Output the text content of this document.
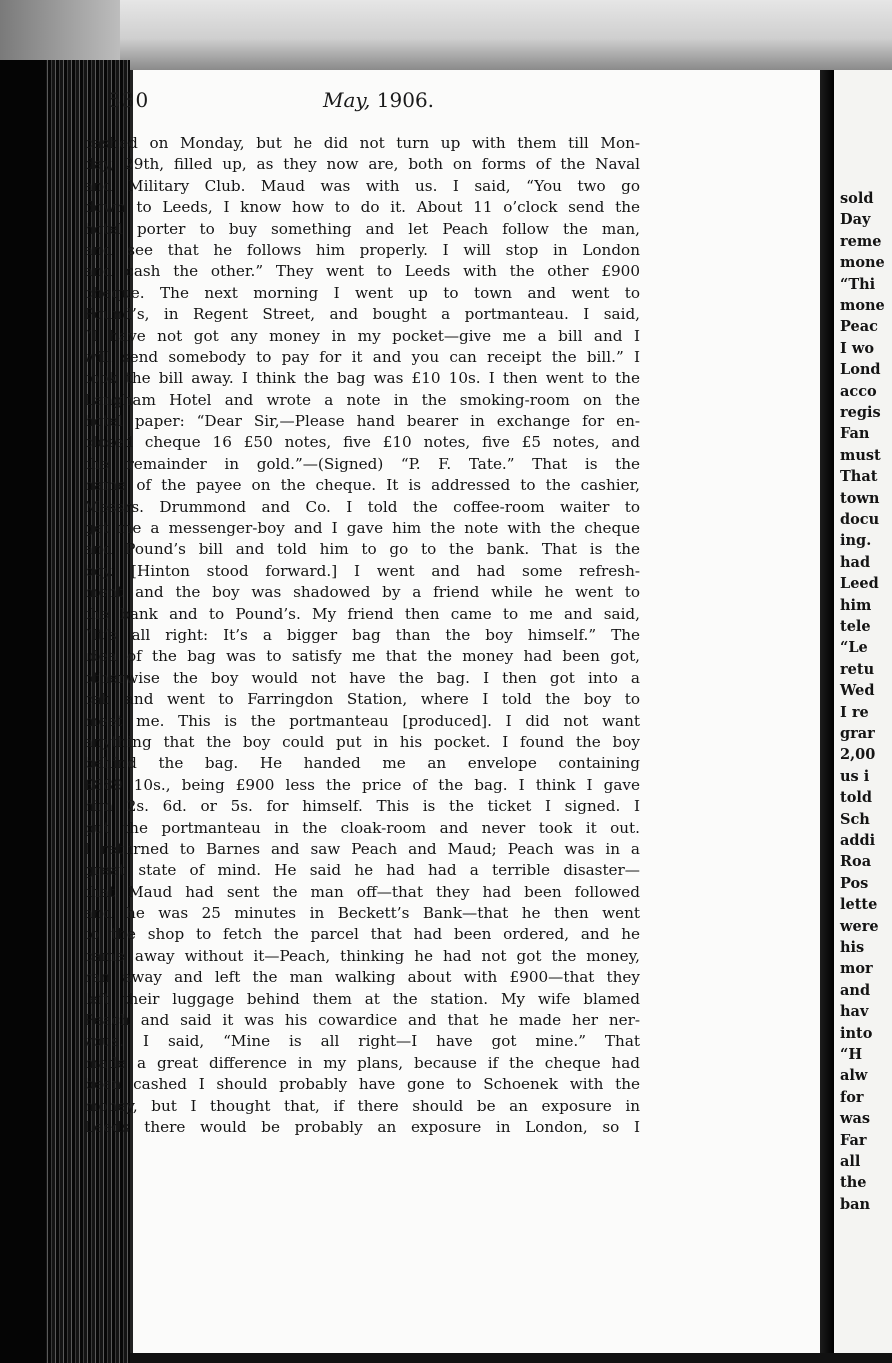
530	May, 1906.
cashed on Monday, but he did not turn up with them till Mon-
day, 29th, filled up, as they now are, both on forms of the Naval
and Military Club. Maud was with us. I said, “You two go
down to Leeds, I know how to do it. About 11 o’clock send the
hotel porter to buy something and let Peach follow the man,
and see that he follows him properly. I will stop in London
and cash the other.” They went to Leeds with the other £900
cheque. The next morning I went up to town and went to
Pound’s, in Regent Street, and bought a portmanteau. I said,
“I have not got any money in my pocket—give me a bill and I
will send somebody to pay for it and you can receipt the bill.” I
took the bill away. I think the bag was £10 10s. I then went to the
Langham Hotel and wrote a note in the smoking-room on the
hotel paper: “Dear Sir,—Please hand bearer in exchange for en-
closed cheque 16 £50 notes, five £10 notes, five £5 notes, and
the remainder in gold.”—(Signed) “P. F. Tate.” That is the
name of the payee on the cheque. It is addressed to the cashier,
Messrs. Drummond and Co. I told the coffee-room waiter to
get me a messenger-boy and I gave him the note with the cheque
and Pound’s bill and told him to go to the bank. That is the
boy. [Hinton stood forward.] I went and had some refresh-
ment and the boy was shadowed by a friend while he went to
the bank and to Pound’s. My friend then came to me and said,
“It’s all right: It’s a bigger bag than the boy himself.” The
idea of the bag was to satisfy me that the money had been got,
otherwise the boy would not have the bag. I then got into a
cab and went to Farringdon Station, where I told the boy to
meet me. This is the portmanteau [produced]. I did not want
anything that the boy could put in his pocket. I found the boy
behind the bag. He handed me an envelope containing
£889 10s., being £900 less the price of the bag. I think I gave
him 2s. 6d. or 5s. for himself. This is the ticket I signed. I
put the portmanteau in the cloak-room and never took it out.
I returned to Barnes and saw Peach and Maud; Peach was in a
great state of mind. He said he had had a terrible disaster—
that Maud had sent the man off—that they had been followed
and he was 25 minutes in Beckett’s Bank—that he then went
to the shop to fetch the parcel that had been ordered, and he
came away without it—Peach, thinking he had not got the money,
ran away and left the man walking about with £900—that they
left their luggage behind them at the station. My wife blamed
Peach and said it was his cowardice and that he made her ner-
vous. I said, “Mine is all right—I have got mine.” That
made a great difference in my plans, because if the cheque had
been cashed I should probably have gone to Schoenek with the
money, but I thought that, if there should be an exposure in
Leeds there would be probably an exposure in London, so I
sold
Day
reme
mone
“Thi
mone
Peac
I wo
Lond
acco
regis
Fan
must
That
town
docu
ing.
had
Leed
him
tele
“Le
retu
Wed
I re
grar
2,00
us i
told
Sch
addi
Roa
Pos
lette
were
his
mor
and
hav
into
“H
alw
for
was
Far
all
the
ban
